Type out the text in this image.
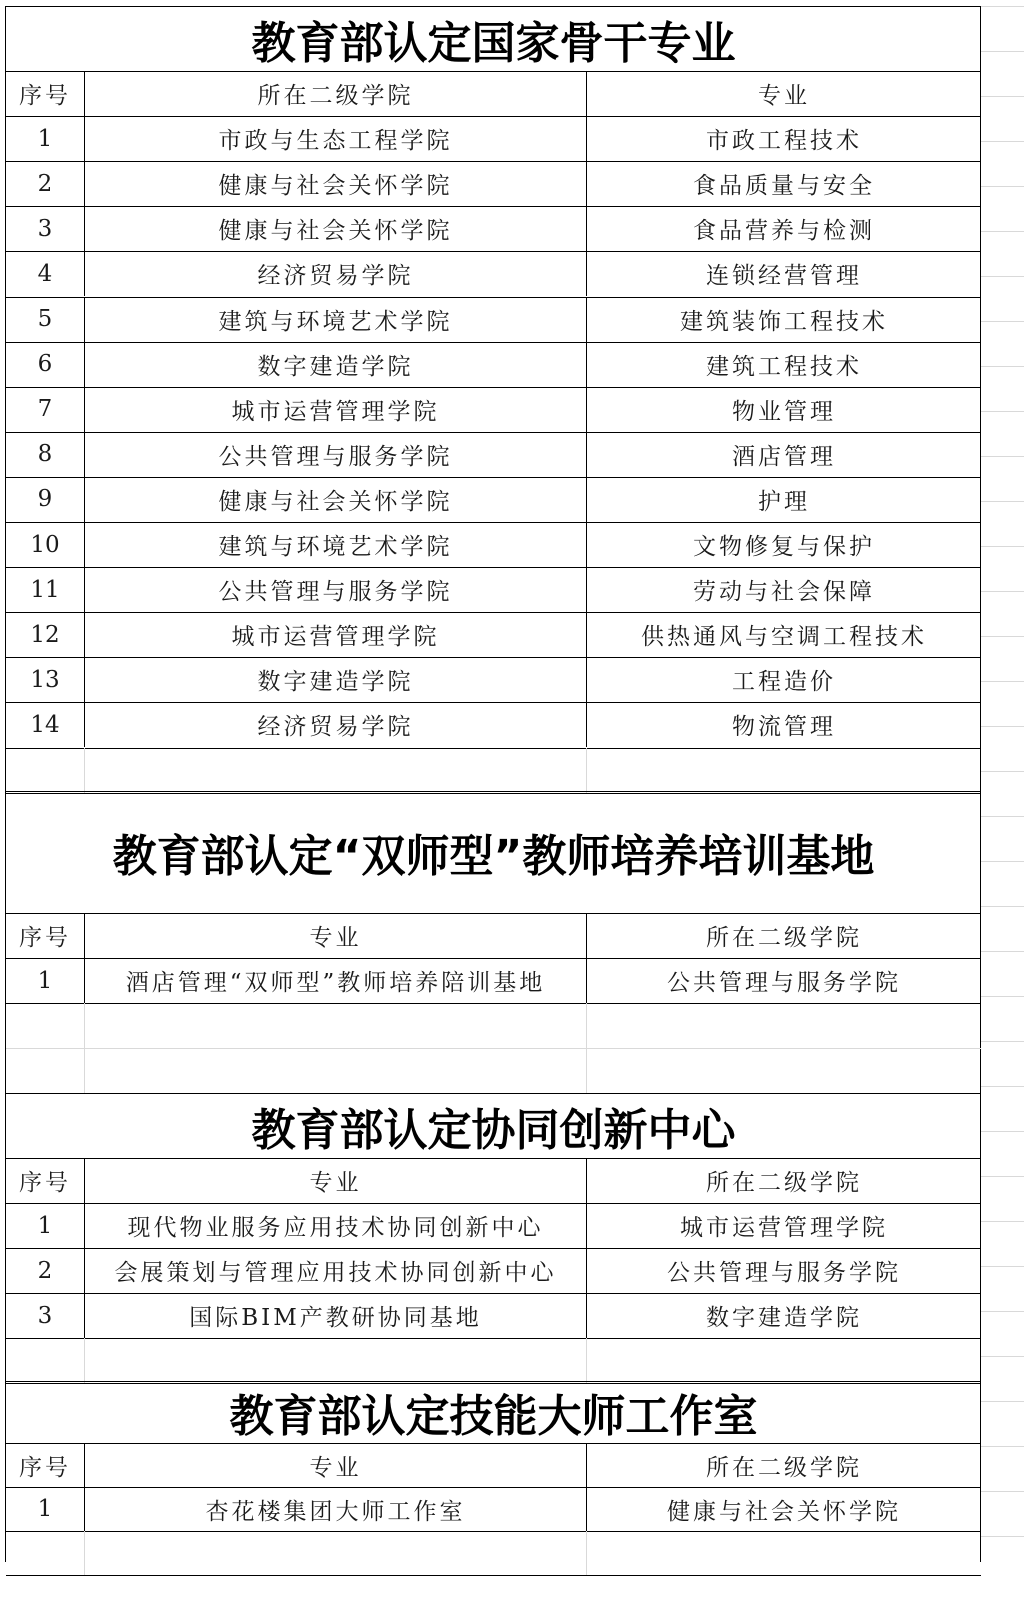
教育部认定国家骨干专业
序号	所在二级学院	专业
1	市政与生态工程学院	市政工程技术
2	健康与社会关怀学院	食品质量与安全
3	健康与社会关怀学院	食品营养与检测
4	经济贸易学院	连锁经营管理
5	建筑与环境艺术学院	建筑装饰工程技术
6	数字建造学院	建筑工程技术
7	城市运营管理学院	物业管理
8	公共管理与服务学院	酒店管理
9	健康与社会关怀学院	护理
10	建筑与环境艺术学院	文物修复与保护
11	公共管理与服务学院	劳动与社会保障
12	城市运营管理学院	供热通风与空调工程技术
13	数字建造学院	工程造价
14	经济贸易学院	物流管理
教育部认定“双师型”教师培养培训基地
序号	专业	所在二级学院
1	酒店管理“双师型”教师培养陪训基地	公共管理与服务学院
教育部认定协同创新中心
序号	专业	所在二级学院
1	现代物业服务应用技术协同创新中心	城市运营管理学院
2	会展策划与管理应用技术协同创新中心	公共管理与服务学院
3	国际BIM产教研协同基地	数字建造学院
教育部认定技能大师工作室
序号	专业	所在二级学院
1	杏花楼集团大师工作室	健康与社会关怀学院
